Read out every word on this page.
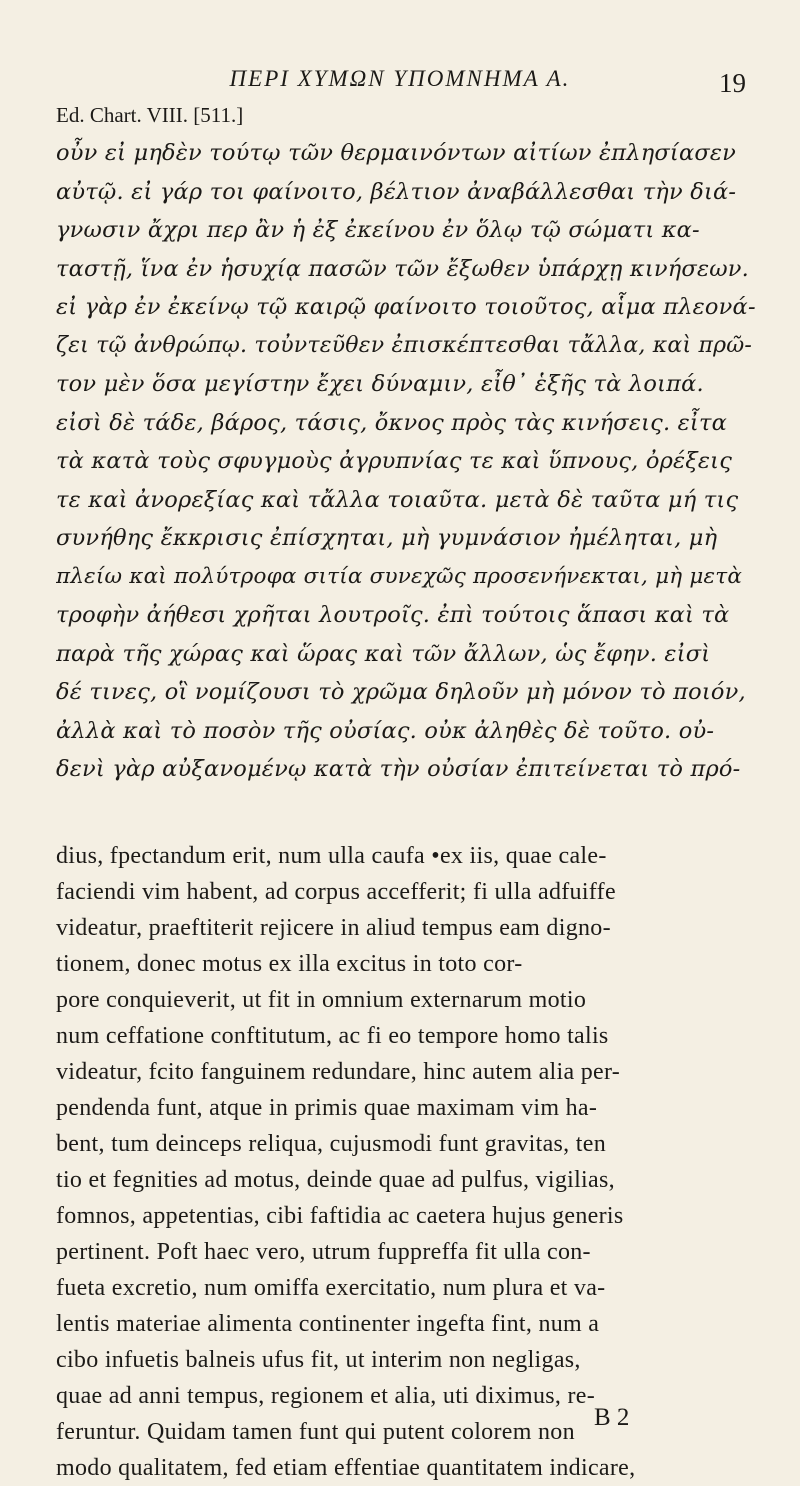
ΠΕΡΙ ΧΥΜΩΝ ΥΠΟΜΝΗΜΑ Α.	19
Ed. Chart. VIII. [511.]
οὖν εἰ μηδὲν τούτῳ τῶν θερμαινόντων αἰτίων ἐπλησίασεν
αὐτῷ. εἰ γάρ τοι φαίνοιτο, βέλτιον ἀναβάλλεσθαι τὴν διά-
γνωσιν ἄχρι περ ἂν ἡ ἐξ ἐκείνου ἐν ὅλῳ τῷ σώματι κα-
ταστῇ, ἵνα ἐν ἡσυχίᾳ πασῶν τῶν ἔξωθεν ὑπάρχῃ κινήσεων.
εἰ γὰρ ἐν ἐκείνῳ τῷ καιρῷ φαίνοιτο τοιοῦτος, αἷμα πλεονά-
ζει τῷ ἀνθρώπῳ. τοὐντεῦθεν ἐπισκέπτεσθαι τἄλλα, καὶ πρῶ-
τον μὲν ὅσα μεγίστην ἔχει δύναμιν, εἶθ᾽ ἑξῆς τὰ λοιπά.
εἰσὶ δὲ τάδε, βάρος, τάσις, ὄκνος πρὸς τὰς κινήσεις. εἶτα
τὰ κατὰ τοὺς σφυγμοὺς ἀγρυπνίας τε καὶ ὕπνους, ὀρέξεις
τε καὶ ἀνορεξίας καὶ τἄλλα τοιαῦτα. μετὰ δὲ ταῦτα μή τις
συνήθης ἔκκρισις ἐπίσχηται, μὴ γυμνάσιον ἠμέληται, μὴ
πλείω καὶ πολύτροφα σιτία συνεχῶς προσενήνεκται, μὴ μετὰ
τροφὴν ἀήθεσι χρῆται λουτροῖς. ἐπὶ τούτοις ἅπασι καὶ τὰ
παρὰ τῆς χώρας καὶ ὥρας καὶ τῶν ἄλλων, ὡς ἔφην. εἰσὶ
δέ τινες, οἳ νομίζουσι τὸ χρῶμα δηλοῦν μὴ μόνον τὸ ποιόν,
ἀλλὰ καὶ τὸ ποσὸν τῆς οὐσίας. οὐκ ἀληθὲς δὲ τοῦτο. οὐ-
δενὶ γὰρ αὐξανομένῳ κατὰ τὴν οὐσίαν ἐπιτείνεται τὸ πρό-
dius, fpectandum erit, num ulla caufa •ex iis, quae cale-
faciendi vim habent, ad corpus accefferit; fi ulla adfuiffe
videatur, praeftiterit rejicere in aliud tempus eam digno-
tionem, donec motus ex illa excitus in toto cor-
pore conquieverit, ut fit in omnium externarum motio
num ceffatione conftitutum, ac fi eo tempore homo talis
videatur, fcito fanguinem redundare, hinc autem alia per-
pendenda funt, atque in primis quae maximam vim ha-
bent, tum deinceps reliqua, cujusmodi funt gravitas, ten
tio et fegnities ad motus, deinde quae ad pulfus, vigilias,
fomnos, appetentias, cibi faftidia ac caetera hujus generis
pertinent. Poft haec vero, utrum fuppreffa fit ulla con-
fueta excretio, num omiffa exercitatio, num plura et va-
lentis materiae alimenta continenter ingefta fint, num a
cibo infuetis balneis ufus fit, ut interim non negligas,
quae ad anni tempus, regionem et alia, uti diximus, re-
feruntur. Quidam tamen funt qui putent colorem non
modo qualitatem, fed etiam effentiae quantitatem indicare,
B 2
